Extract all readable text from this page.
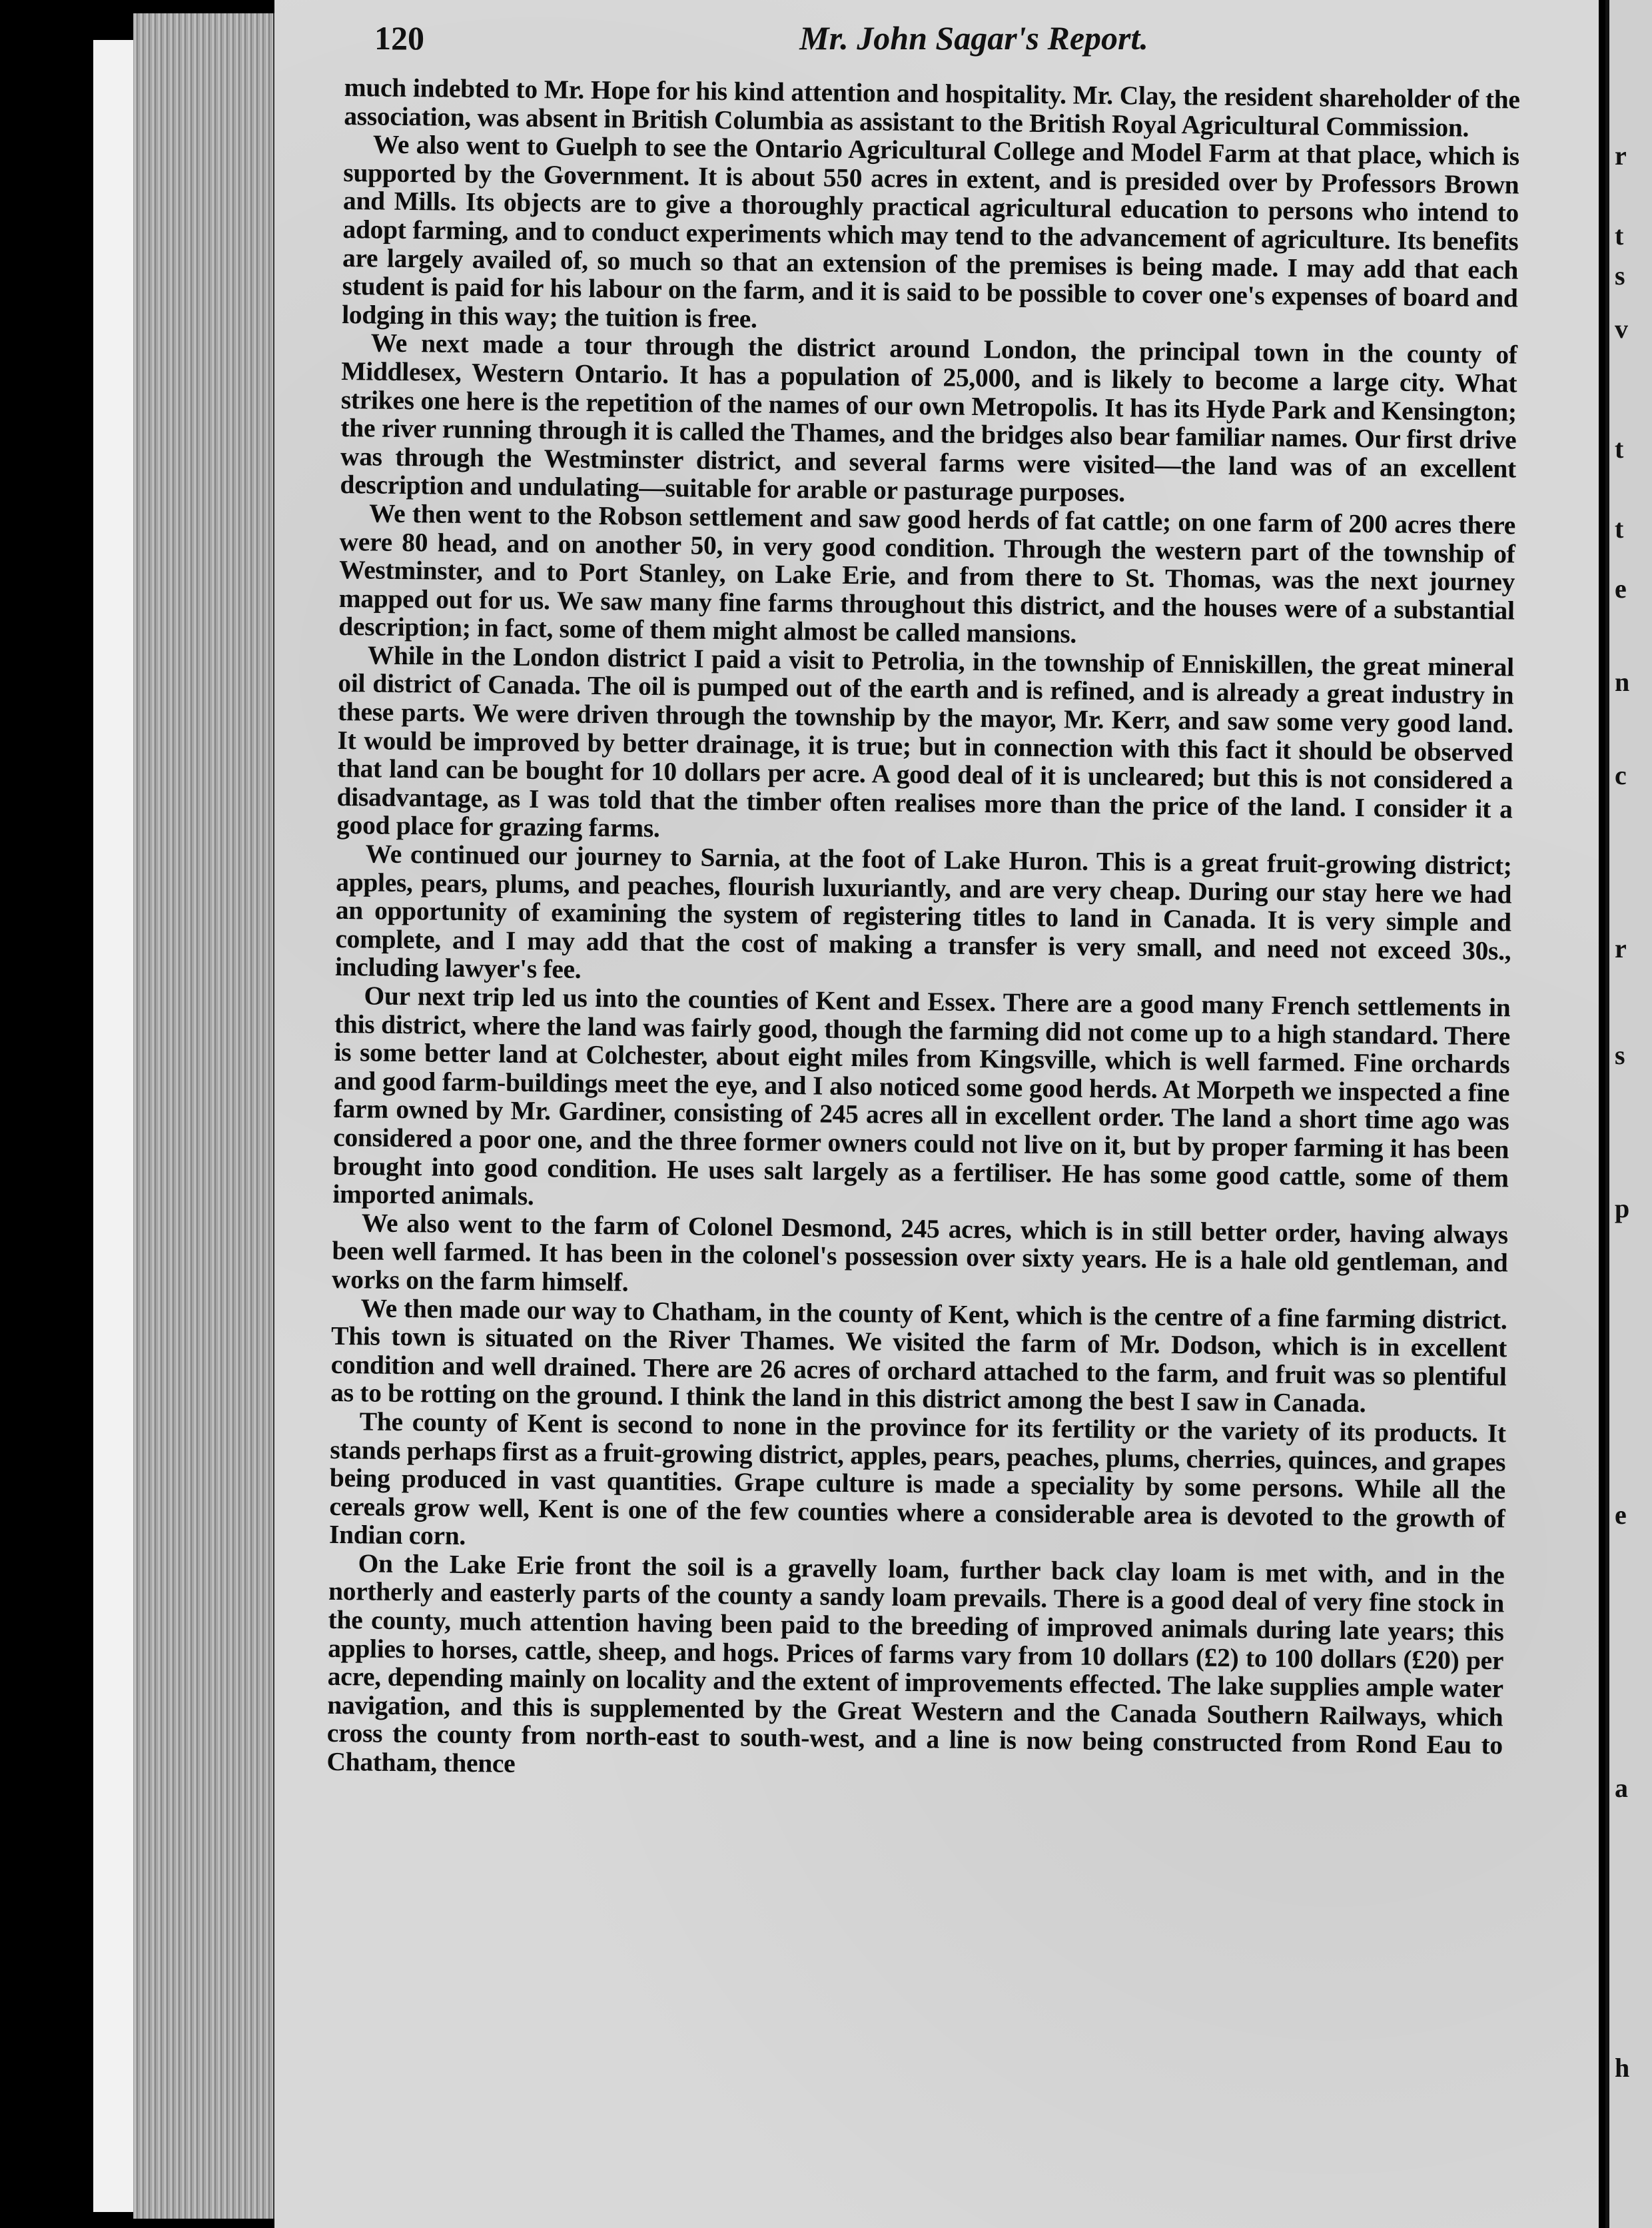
Mr. John Sagar's Report.
120

much indebted to Mr. Hope for his kind attention and hospitality. Mr. Clay, the resident shareholder of the association, was absent in British Columbia as assistant to the British Royal Agricultural Commission.

We also went to Guelph to see the Ontario Agricultural College and Model Farm at that place, which is supported by the Government. It is about 550 acres in extent, and is presided over by Professors Brown and Mills. Its objects are to give a thoroughly practical agricultural education to persons who intend to adopt farming, and to conduct experiments which may tend to the advancement of agriculture. Its benefits are largely availed of, so much so that an extension of the premises is being made. I may add that each student is paid for his labour on the farm, and it is said to be possible to cover one's expenses of board and lodging in this way; the tuition is free.

We next made a tour through the district around London, the principal town in the county of Middlesex, Western Ontario. It has a population of 25,000, and is likely to become a large city. What strikes one here is the repetition of the names of our own Metropolis. It has its Hyde Park and Kensington; the river running through it is called the Thames, and the bridges also bear familiar names. Our first drive was through the Westminster district, and several farms were visited—the land was of an excellent description and undulating—suitable for arable or pasturage purposes.

We then went to the Robson settlement and saw good herds of fat cattle; on one farm of 200 acres there were 80 head, and on another 50, in very good condition. Through the western part of the township of Westminster, and to Port Stanley, on Lake Erie, and from there to St. Thomas, was the next journey mapped out for us. We saw many fine farms throughout this district, and the houses were of a substantial description; in fact, some of them might almost be called mansions.

While in the London district I paid a visit to Petrolia, in the township of Enniskillen, the great mineral oil district of Canada. The oil is pumped out of the earth and is refined, and is already a great industry in these parts. We were driven through the township by the mayor, Mr. Kerr, and saw some very good land. It would be improved by better drainage, it is true; but in connection with this fact it should be observed that land can be bought for 10 dollars per acre. A good deal of it is uncleared; but this is not considered a disadvantage, as I was told that the timber often realises more than the price of the land. I consider it a good place for grazing farms.

We continued our journey to Sarnia, at the foot of Lake Huron. This is a great fruit-growing district; apples, pears, plums, and peaches, flourish luxuriantly, and are very cheap. During our stay here we had an opportunity of examining the system of registering titles to land in Canada. It is very simple and complete, and I may add that the cost of making a transfer is very small, and need not exceed 30s., including lawyer's fee.

Our next trip led us into the counties of Kent and Essex. There are a good many French settlements in this district, where the land was fairly good, though the farming did not come up to a high standard. There is some better land at Colchester, about eight miles from Kingsville, which is well farmed. Fine orchards and good farm-buildings meet the eye, and I also noticed some good herds. At Morpeth we inspected a fine farm owned by Mr. Gardiner, consisting of 245 acres all in excellent order. The land a short time ago was considered a poor one, and the three former owners could not live on it, but by proper farming it has been brought into good condition. He uses salt largely as a fertiliser. He has some good cattle, some of them imported animals.

We also went to the farm of Colonel Desmond, 245 acres, which is in still better order, having always been well farmed. It has been in the colonel's possession over sixty years. He is a hale old gentleman, and works on the farm himself.

We then made our way to Chatham, in the county of Kent, which is the centre of a fine farming district. This town is situated on the River Thames. We visited the farm of Mr. Dodson, which is in excellent condition and well drained. There are 26 acres of orchard attached to the farm, and fruit was so plentiful as to be rotting on the ground. I think the land in this district among the best I saw in Canada.

The county of Kent is second to none in the province for its fertility or the variety of its products. It stands perhaps first as a fruit-growing district, apples, pears, peaches, plums, cherries, quinces, and grapes being produced in vast quantities. Grape culture is made a speciality by some persons. While all the cereals grow well, Kent is one of the few counties where a considerable area is devoted to the growth of Indian corn.

On the Lake Erie front the soil is a gravelly loam, further back clay loam is met with, and in the northerly and easterly parts of the county a sandy loam prevails. There is a good deal of very fine stock in the county, much attention having been paid to the breeding of improved animals during late years; this applies to horses, cattle, sheep, and hogs. Prices of farms vary from 10 dollars (£2) to 100 dollars (£20) per acre, depending mainly on locality and the extent of improvements effected. The lake supplies ample water navigation, and this is supplemented by the Great Western and the Canada Southern Railways, which cross the county from north-east to south-west, and a line is now being constructed from Rond Eau to Chatham, thence

r
t
s
v
t
t
e
n
c
r
s
p
e
a
h
